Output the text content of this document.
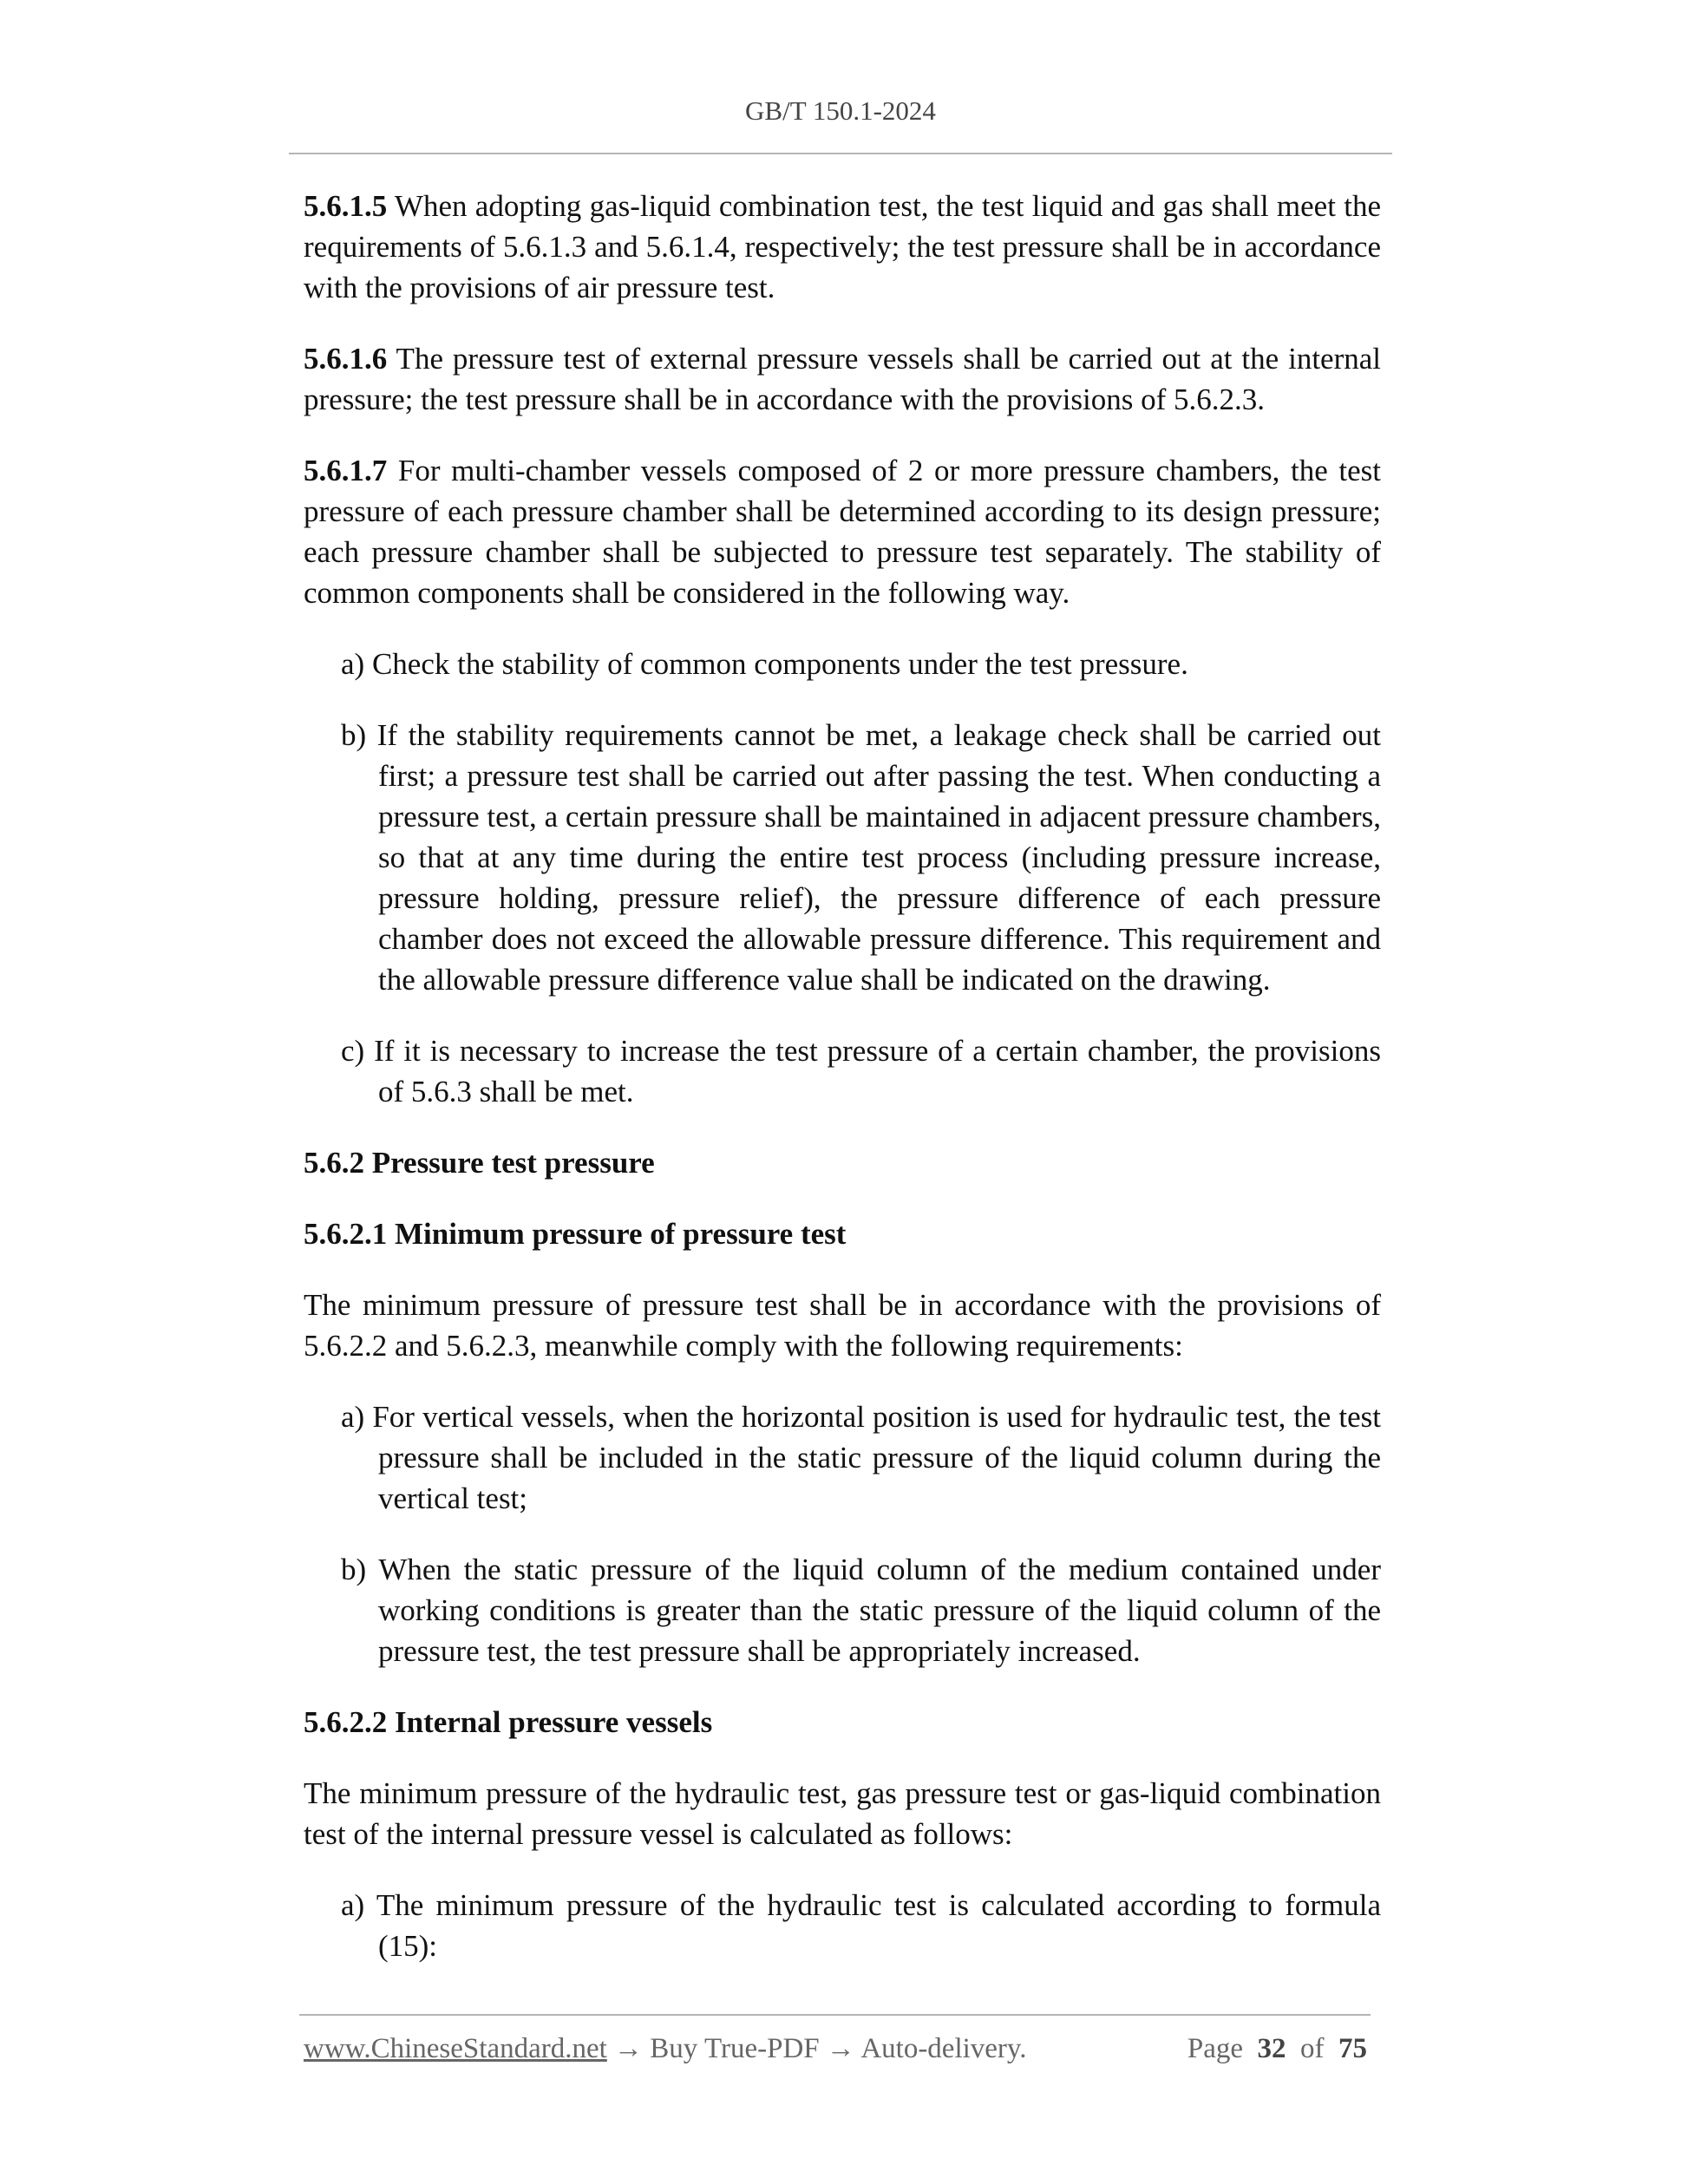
GB/T 150.1-2024

5.6.1.5 When adopting gas-liquid combination test, the test liquid and gas shall meet the requirements of 5.6.1.3 and 5.6.1.4, respectively; the test pressure shall be in accordance with the provisions of air pressure test.

5.6.1.6 The pressure test of external pressure vessels shall be carried out at the internal pressure; the test pressure shall be in accordance with the provisions of 5.6.2.3.

5.6.1.7 For multi-chamber vessels composed of 2 or more pressure chambers, the test pressure of each pressure chamber shall be determined according to its design pressure; each pressure chamber shall be subjected to pressure test separately. The stability of common components shall be considered in the following way.

a) Check the stability of common components under the test pressure.

b) If the stability requirements cannot be met, a leakage check shall be carried out first; a pressure test shall be carried out after passing the test. When conducting a pressure test, a certain pressure shall be maintained in adjacent pressure chambers, so that at any time during the entire test process (including pressure increase, pressure holding, pressure relief), the pressure difference of each pressure chamber does not exceed the allowable pressure difference. This requirement and the allowable pressure difference value shall be indicated on the drawing.

c) If it is necessary to increase the test pressure of a certain chamber, the provisions of 5.6.3 shall be met.

5.6.2 Pressure test pressure

5.6.2.1 Minimum pressure of pressure test

The minimum pressure of pressure test shall be in accordance with the provisions of 5.6.2.2 and 5.6.2.3, meanwhile comply with the following requirements:

a) For vertical vessels, when the horizontal position is used for hydraulic test, the test pressure shall be included in the static pressure of the liquid column during the vertical test;

b) When the static pressure of the liquid column of the medium contained under working conditions is greater than the static pressure of the liquid column of the pressure test, the test pressure shall be appropriately increased.

5.6.2.2 Internal pressure vessels

The minimum pressure of the hydraulic test, gas pressure test or gas-liquid combination test of the internal pressure vessel is calculated as follows:

a) The minimum pressure of the hydraulic test is calculated according to formula (15):

www.ChineseStandard.net → Buy True-PDF → Auto-delivery.	Page 32 of 75
